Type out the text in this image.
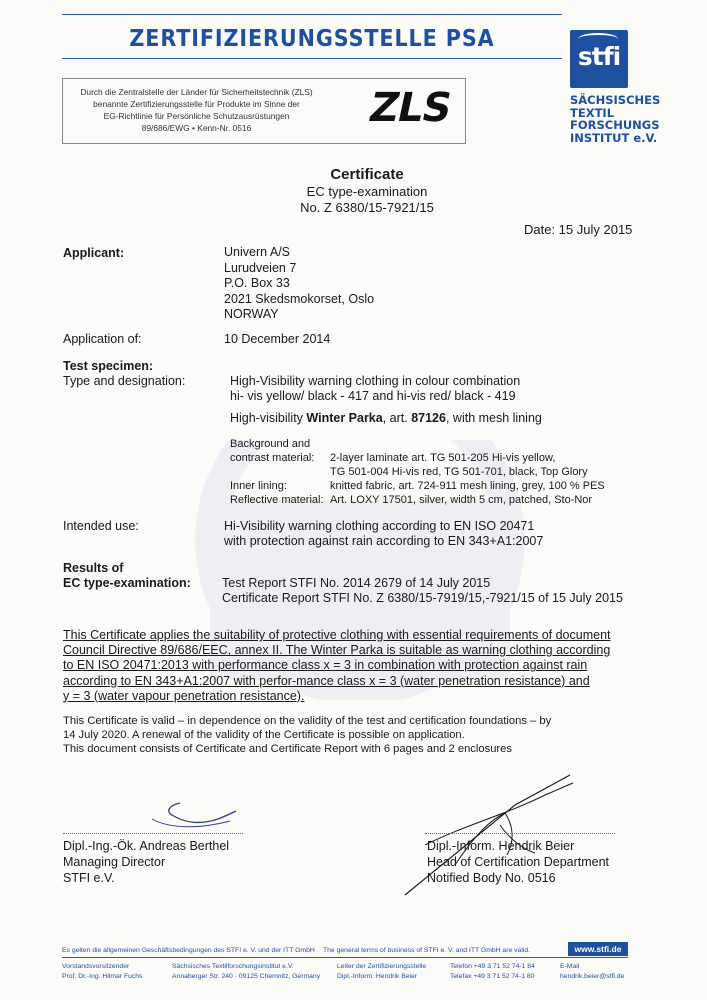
ZERTIFIZIERUNGSSTELLE PSA
Durch die Zentralstelle der Länder für Sicherheitstechnik (ZLS)
benannte Zertifizierungsstelle für Produkte im Sinne der
EG-Richtlinie für Persönliche Schutzausrüstungen
89/686/EWG • Kenn-Nr. 0516	ZLS
stfi
SÄCHSISCHES
TEXTIL
FORSCHUNGS
INSTITUT e.V.
Certificate
EC type-examination
No. Z 6380/15-7921/15
Date: 15 July 2015
Applicant:	Univern A/S
Lurudveien 7
P.O. Box 33
2021 Skedsmokorset, Oslo
NORWAY
Application of:	10 December 2014
Test specimen:
Type and designation:	High-Visibility warning clothing in colour combination
hi- vis yellow/ black - 417 and hi-vis red/ black - 419
High-visibility Winter Parka, art. 87126, with mesh lining
Background and
contrast material: 2-layer laminate art. TG 501-205 Hi-vis yellow,
TG 501-004 Hi-vis red, TG 501-701, black, Top Glory
Inner lining:	knitted fabric, art. 724-911 mesh lining, grey, 100 % PES
Reflective material: Art. LOXY 17501, silver, width 5 cm, patched, Sto-Nor
Intended use:	Hi-Visibility warning clothing according to EN ISO 20471
with protection against rain according to EN 343+A1:2007
Results of
EC type-examination: Test Report STFI No. 2014 2679 of 14 July 2015
Certificate Report STFI No. Z 6380/15-7919/15,-7921/15 of 15 July 2015
This Certificate applies the suitability of protective clothing with essential requirements of document
Council Directive 89/686/EEC, annex II. The Winter Parka is suitable as warning clothing according
to EN ISO 20471:2013 with performance class x = 3 in combination with protection against rain
according to EN 343+A1:2007 with perfor-mance class x = 3 (water penetration resistance) and
y = 3 (water vapour penetration resistance).
This Certificate is valid – in dependence on the validity of the test and certification foundations – by
14 July 2020. A renewal of the validity of the Certificate is possible on application.
This document consists of Certificate and Certificate Report with 6 pages and 2 enclosures
Dipl.-Ing.-Ök. Andreas Berthel
Managing Director
STFI e.V.
Dipl.-Inform. Hendrik Beier
Head of Certification Department
Notified Body No. 0516
Es gelten die allgemeinen Geschäftsbedingungen des STFI e. V. und der ITT GmbH The general terms of business of STFI e. V. and ITT GmbH are valid.	www.stfi.de
Vorstandsvorsitzender
Prof. Dr.-Ing. Hilmar Fuchs
Sächsisches Textilforschungsinstitut e.V.
Annaberger Str. 240 · 09125 Chemnitz, Germany
Leiter der Zertifizierungsstelle
Dipl.-Inform. Hendrik Beier
Telefon +49 3 71 52 74-1 84
Telefax +49 3 71 52 74-1 80
E-Mail
hendrik.beier@stfi.de
